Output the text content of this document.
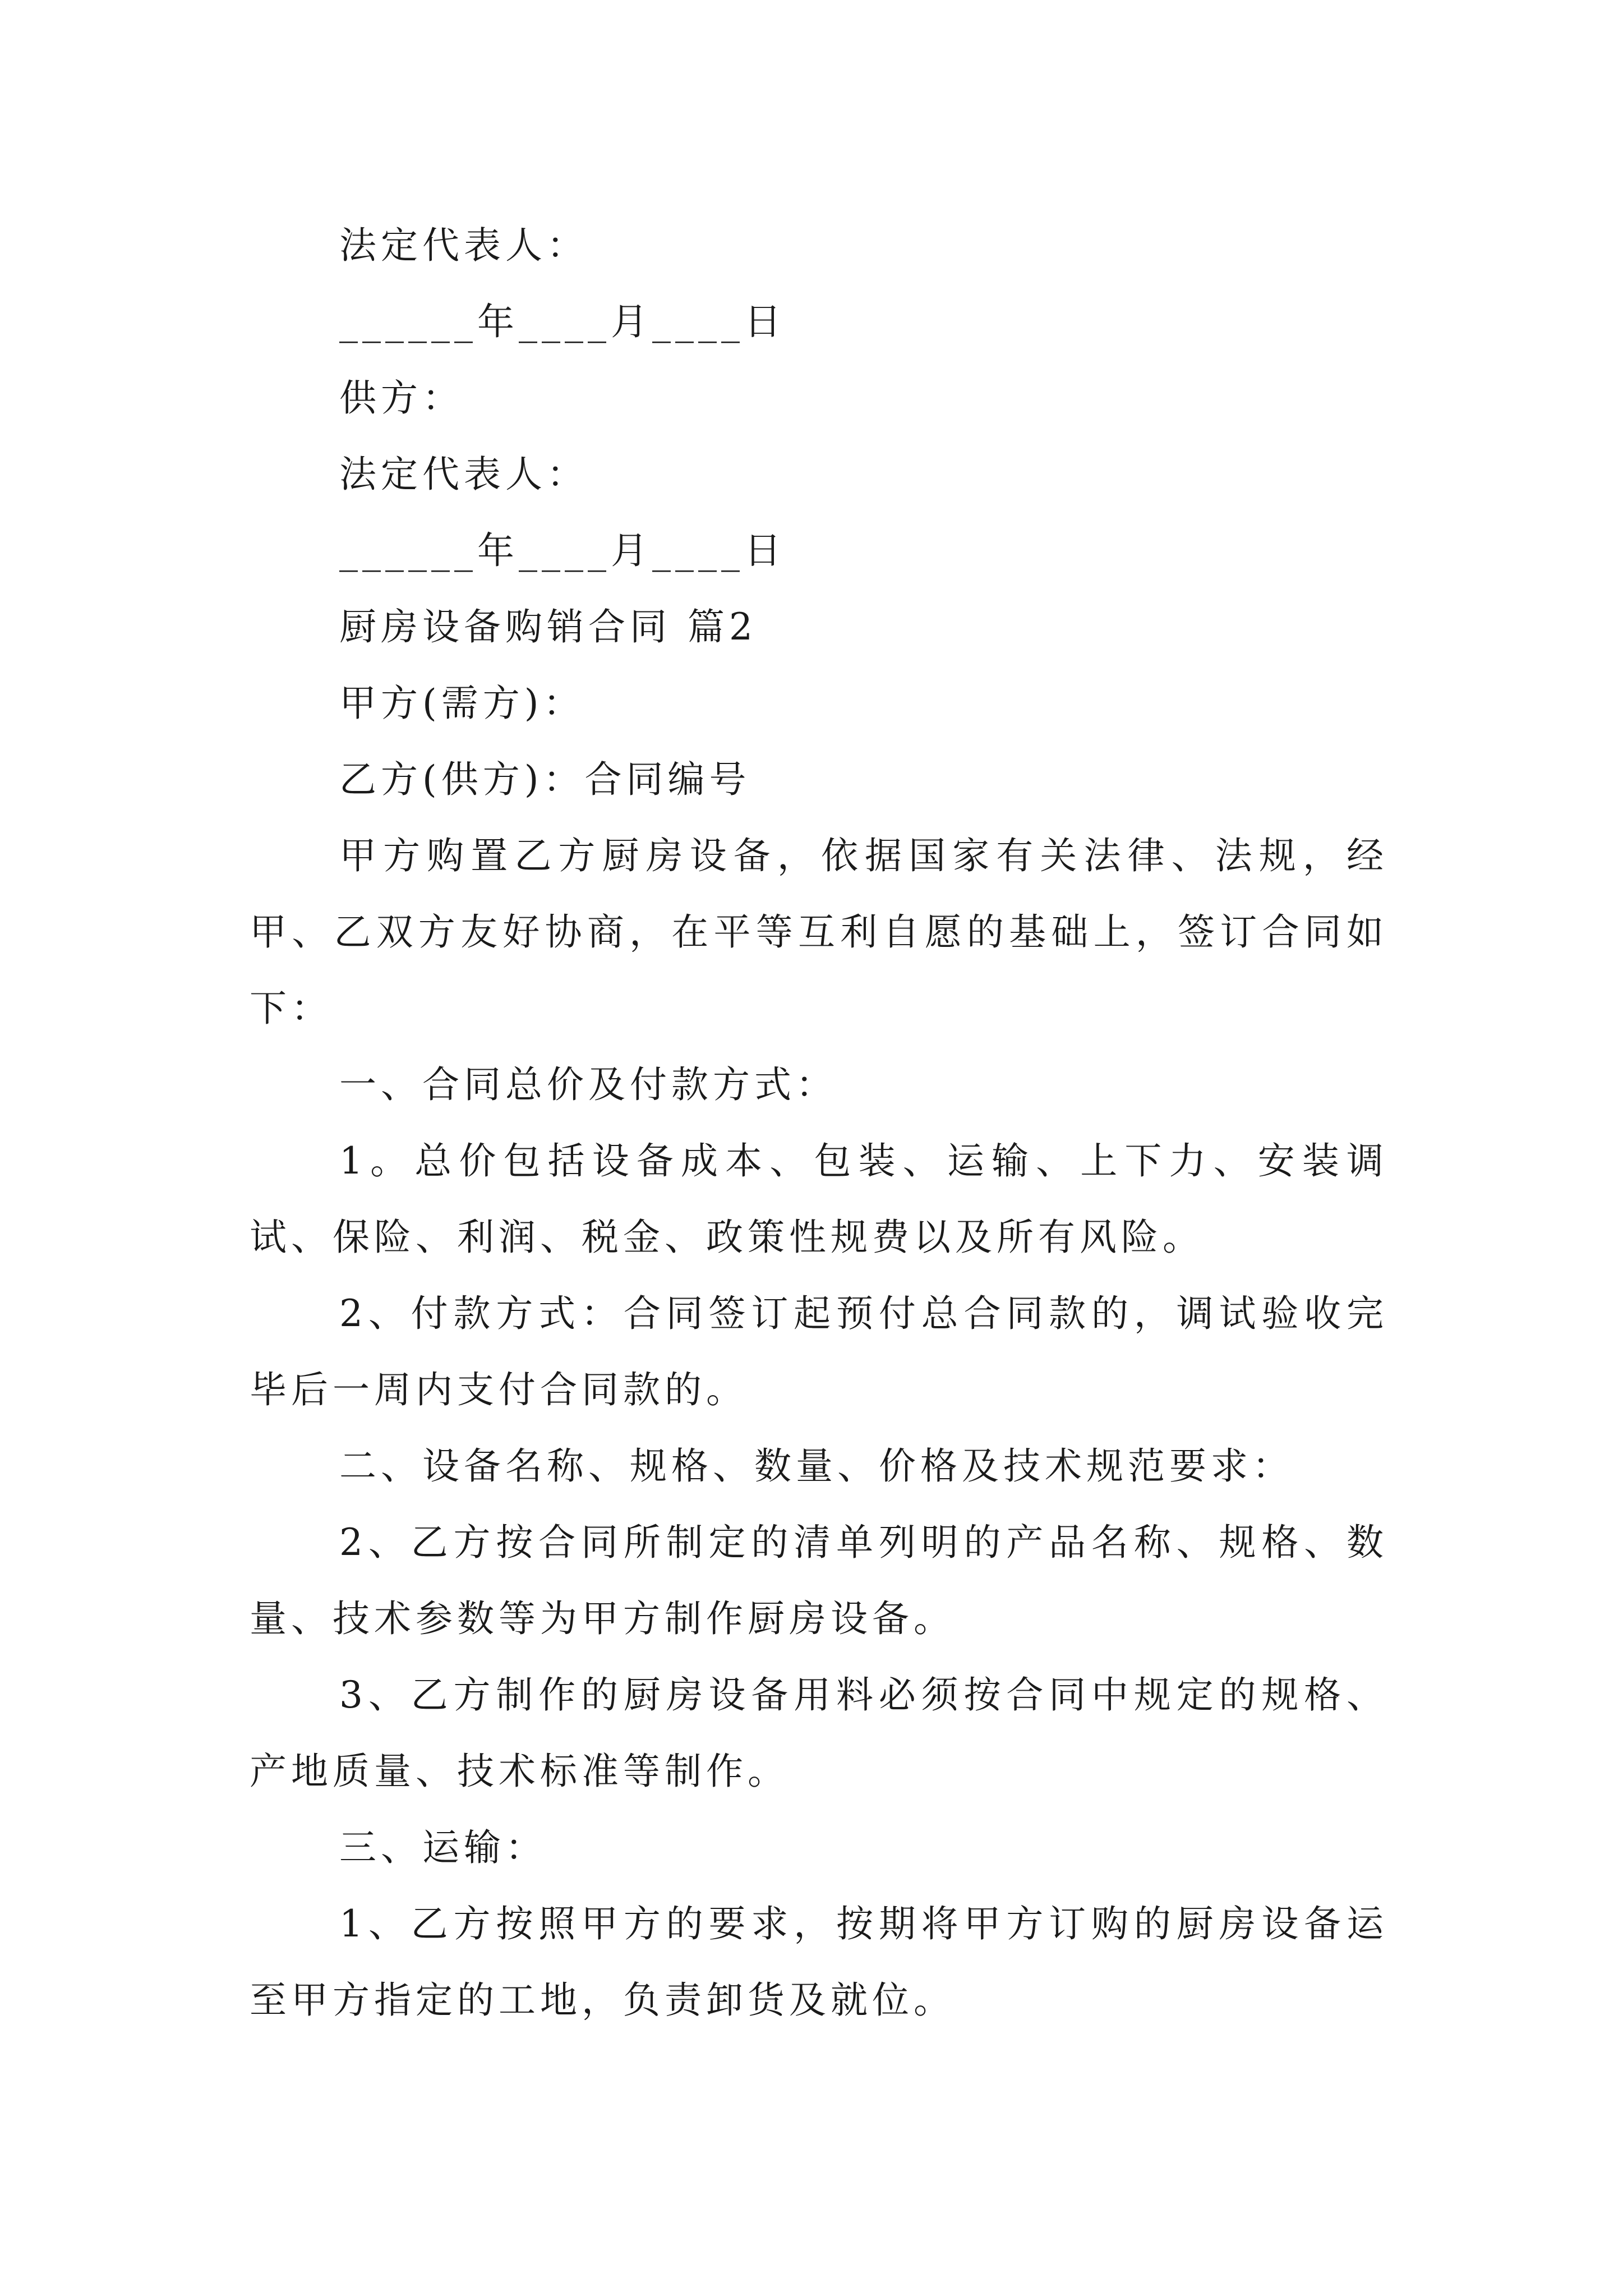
法定代表人：
______年____月____日
供方：
法定代表人：
______年____月____日
厨房设备购销合同 篇2
甲方(需方)：
乙方(供方)：合同编号

甲方购置乙方厨房设备，依据国家有关法律、法规，经甲、乙双方友好协商，在平等互利自愿的基础上，签订合同如下：

一、合同总价及付款方式：

1。总价包括设备成本、包装、运输、上下力、安装调试、保险、利润、税金、政策性规费以及所有风险。

2、付款方式：合同签订起预付总合同款的，调试验收完毕后一周内支付合同款的。

二、设备名称、规格、数量、价格及技术规范要求：

2、乙方按合同所制定的清单列明的产品名称、规格、数量、技术参数等为甲方制作厨房设备。

3、乙方制作的厨房设备用料必须按合同中规定的规格、产地质量、技术标准等制作。

三、运输：

1、乙方按照甲方的要求，按期将甲方订购的厨房设备运至甲方指定的工地，负责卸货及就位。
